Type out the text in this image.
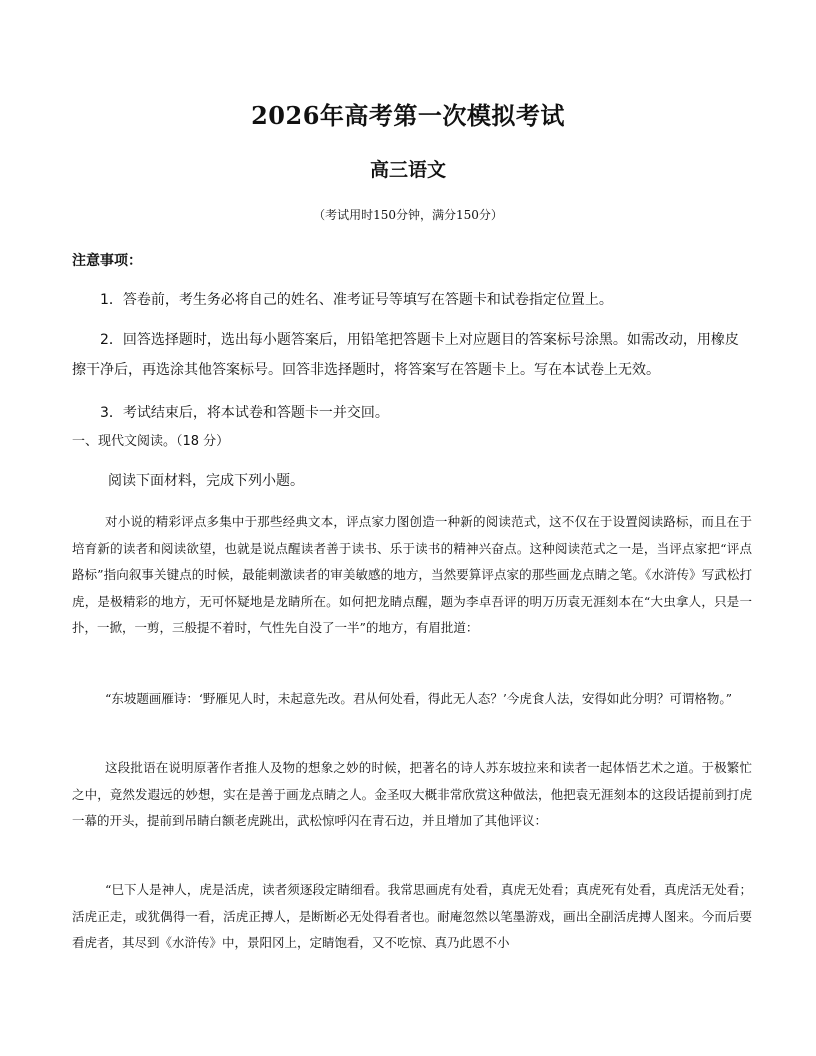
2026年高考第一次模拟考试
高三语文
（考试用时150分钟，满分150分）
注意事项：
1．答卷前，考生务必将自己的姓名、准考证号等填写在答题卡和试卷指定位置上。
2．回答选择题时，选出每小题答案后，用铅笔把答题卡上对应题目的答案标号涂黑。如需改动，用橡皮擦干净后，再选涂其他答案标号。回答非选择题时，将答案写在答题卡上。写在本试卷上无效。
3．考试结束后，将本试卷和答题卡一并交回。
一、现代文阅读。（18 分）
阅读下面材料，完成下列小题。
对小说的精彩评点多集中于那些经典文本，评点家力图创造一种新的阅读范式，这不仅在于设置阅读路标，而且在于培育新的读者和阅读欲望，也就是说点醒读者善于读书、乐于读书的精神兴奋点。这种阅读范式之一是，当评点家把“评点路标”指向叙事关键点的时候，最能刺激读者的审美敏感的地方，当然要算评点家的那些画龙点睛之笔。《水浒传》写武松打虎，是极精彩的地方，无可怀疑地是龙睛所在。如何把龙睛点醒，题为李卓吾评的明万历袁无涯刻本在“大虫拿人，只是一扑，一掀，一剪，三般提不着时，气性先自没了一半”的地方，有眉批道：
“东坡题画雁诗：‘野雁见人时，未起意先改。君从何处看，得此无人态？’今虎食人法，安得如此分明？可谓格物。”
这段批语在说明原著作者推人及物的想象之妙的时候，把著名的诗人苏东坡拉来和读者一起体悟艺术之道。于极繁忙之中，竟然发遐远的妙想，实在是善于画龙点睛之人。金圣叹大概非常欣赏这种做法，他把袁无涯刻本的这段话提前到打虎一幕的开头，提前到吊睛白额老虎跳出，武松惊呼闪在青石边，并且增加了其他评议：
“巳下人是神人，虎是活虎，读者须逐段定睛细看。我常思画虎有处看，真虎无处看；真虎死有处看，真虎活无处看；活虎正走，或犹偶得一看，活虎正搏人，是断断必无处得看者也。耐庵忽然以笔墨游戏，画出全副活虎搏人图来。今而后要看虎者，其尽到《水浒传》中，景阳冈上，定睛饱看，又不吃惊、真乃此恩不小
